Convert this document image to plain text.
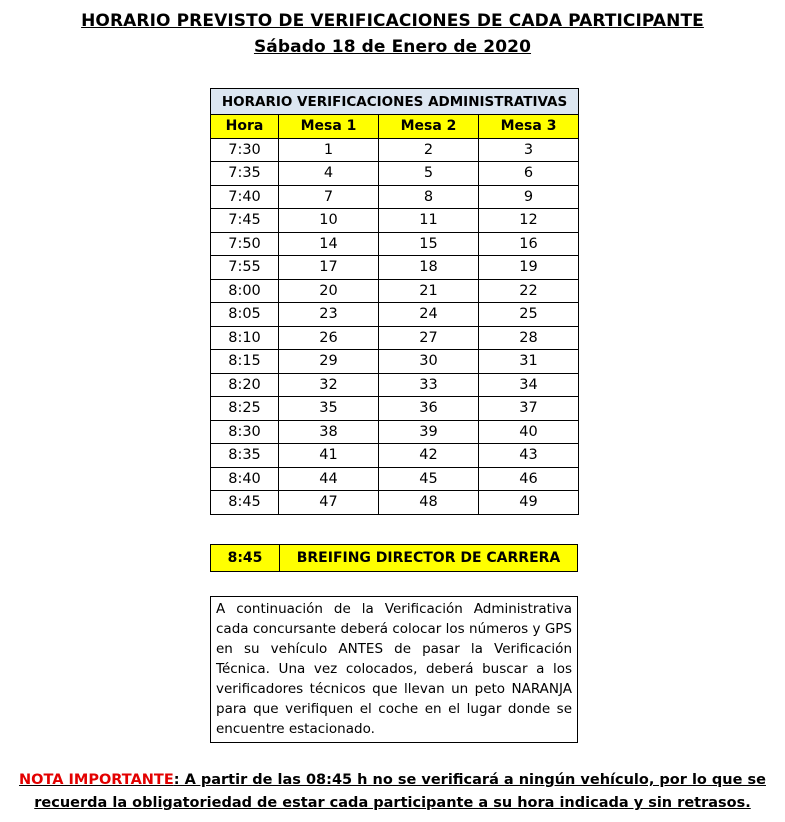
HORARIO PREVISTO DE VERIFICACIONES DE CADA PARTICIPANTE
Sábado 18 de Enero de 2020
HORARIO VERIFICACIONES ADMINISTRATIVAS			
Hora	Mesa 1	Mesa 2	Mesa 3
7:30	1	2	3
7:35	4	5	6
7:40	7	8	9
7:45	10	11	12
7:50	14	15	16
7:55	17	18	19
8:00	20	21	22
8:05	23	24	25
8:10	26	27	28
8:15	29	30	31
8:20	32	33	34
8:25	35	36	37
8:30	38	39	40
8:35	41	42	43
8:40	44	45	46
8:45	47	48	49
8:45	BREIFING DIRECTOR DE CARRERA
A continuación de la Verificación Administrativa cada concursante deberá colocar los números y GPS en su vehículo ANTES de pasar la Verificación Técnica. Una vez colocados, deberá buscar a los verificadores técnicos que llevan un peto NARANJA para que verifiquen el coche en el lugar donde se encuentre estacionado.
NOTA IMPORTANTE: A partir de las 08:45 h no se verificará a ningún vehículo, por lo que se recuerda la obligatoriedad de estar cada participante a su hora indicada y sin retrasos.
